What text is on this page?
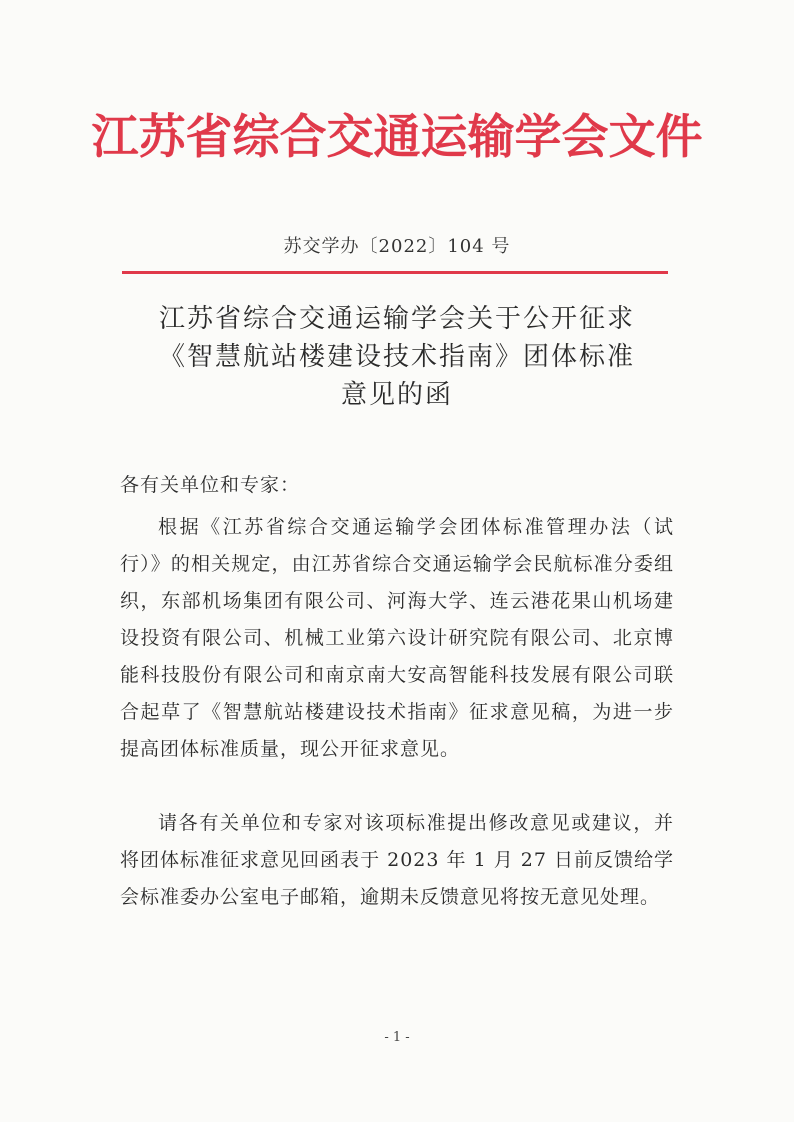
江苏省综合交通运输学会文件
苏交学办〔2022〕104 号
江苏省综合交通运输学会关于公开征求
《智慧航站楼建设技术指南》团体标准
意见的函
各有关单位和专家：
根据《江苏省综合交通运输学会团体标准管理办法（试行）》的相关规定，由江苏省综合交通运输学会民航标准分委组织，东部机场集团有限公司、河海大学、连云港花果山机场建设投资有限公司、机械工业第六设计研究院有限公司、北京博能科技股份有限公司和南京南大安高智能科技发展有限公司联合起草了《智慧航站楼建设技术指南》征求意见稿，为进一步提高团体标准质量，现公开征求意见。
请各有关单位和专家对该项标准提出修改意见或建议，并将团体标准征求意见回函表于 2023 年 1 月 27 日前反馈给学会标准委办公室电子邮箱，逾期未反馈意见将按无意见处理。
- 1 -
